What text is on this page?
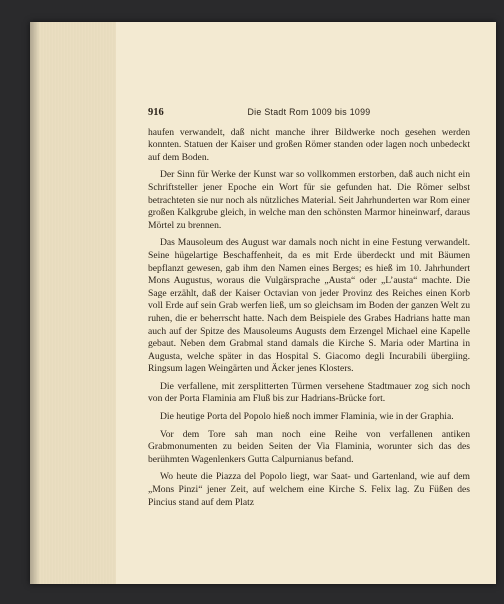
916	Die Stadt Rom 1009 bis 1099

haufen verwandelt, daß nicht manche ihrer Bildwerke noch gesehen werden konnten. Statuen der Kaiser und großen Römer standen oder lagen noch unbedeckt auf dem Boden.

Der Sinn für Werke der Kunst war so vollkommen erstorben, daß auch nicht ein Schriftsteller jener Epoche ein Wort für sie gefunden hat. Die Römer selbst betrachteten sie nur noch als nützliches Material. Seit Jahrhunderten war Rom einer großen Kalkgrube gleich, in welche man den schönsten Marmor hineinwarf, daraus Mörtel zu brennen.

Das Mausoleum des August war damals noch nicht in eine Festung verwandelt. Seine hügelartige Beschaffenheit, da es mit Erde überdeckt und mit Bäumen bepflanzt gewesen, gab ihm den Namen eines Berges; es hieß im 10. Jahrhundert Mons Augustus, woraus die Vulgärsprache „Austa“ oder „L’austa“ machte. Die Sage erzählt, daß der Kaiser Octavian von jeder Provinz des Reiches einen Korb voll Erde auf sein Grab werfen ließ, um so gleichsam im Boden der ganzen Welt zu ruhen, die er beherrscht hatte. Nach dem Beispiele des Grabes Hadrians hatte man auch auf der Spitze des Mausoleums Augusts dem Erzengel Michael eine Kapelle gebaut. Neben dem Grabmal stand damals die Kirche S. Maria oder Martina in Augusta, welche später in das Hospital S. Giacomo degli Incurabili übergiing. Ringsum lagen Weingärten und Äcker jenes Klosters.

Die verfallene, mit zersplitterten Türmen versehene Stadtmauer zog sich noch von der Porta Flaminia am Fluß bis zur Hadrians-Brücke fort.

Die heutige Porta del Popolo hieß noch immer Flaminia, wie in der Graphia.

Vor dem Tore sah man noch eine Reihe von verfallenen antiken Grabmonumenten zu beiden Seiten der Via Flaminia, worunter sich das des berühmten Wagenlenkers Gutta Calpurnianus befand.

Wo heute die Piazza del Popolo liegt, war Saat- und Gartenland, wie auf dem „Mons Pinzi“ jener Zeit, auf welchem eine Kirche S. Felix lag. Zu Füßen des Pincius stand auf dem Platz
